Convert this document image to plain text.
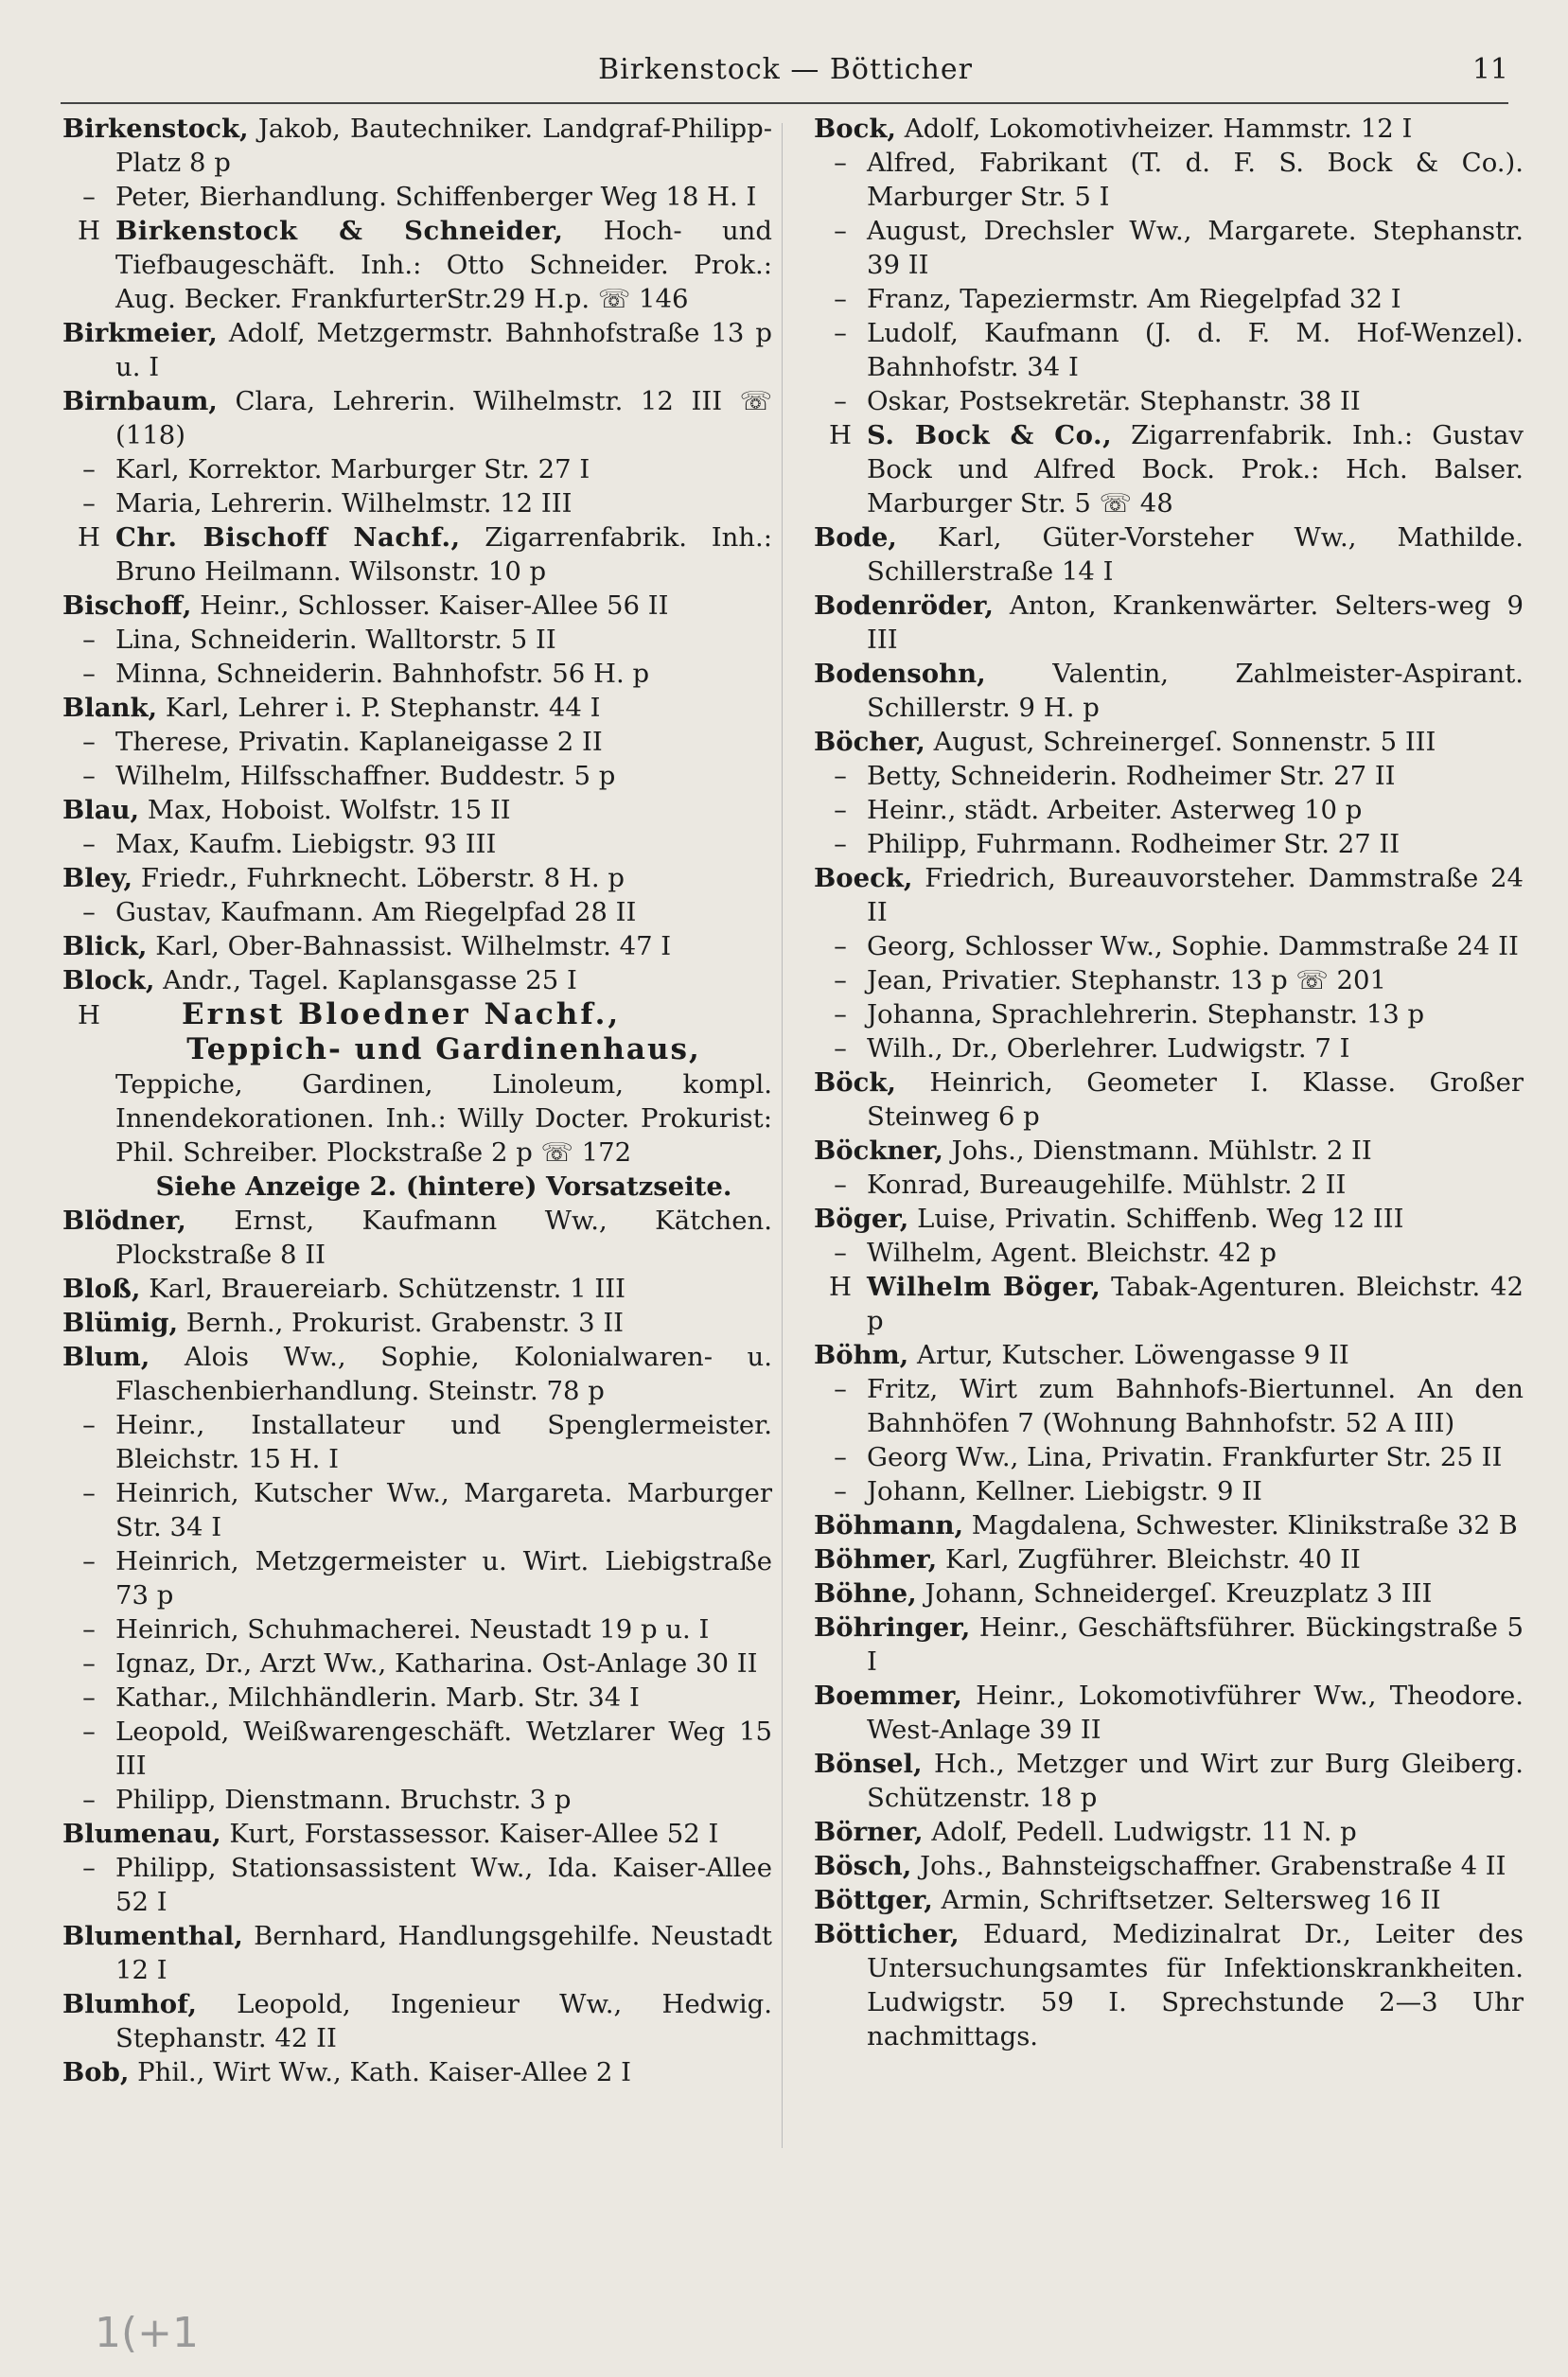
Birkenstock — Bötticher	11

Birkenstock, Jakob, Bautechniker. Landgraf-Philipp-Platz 8 p

– Peter, Bierhandlung. Schiffenberger Weg 18 H. I

H Birkenstock & Schneider, Hoch- und Tiefbaugeschäft. Inh.: Otto Schneider. Prok.: Aug. Becker. FrankfurterStr.29 H.p. ☏ 146

Birkmeier, Adolf, Metzgermstr. Bahnhofstraße 13 p u. I

Birnbaum, Clara, Lehrerin. Wilhelmstr. 12 III ☏ (118)

– Karl, Korrektor. Marburger Str. 27 I

– Maria, Lehrerin. Wilhelmstr. 12 III

H Chr. Bischoff Nachf., Zigarrenfabrik. Inh.: Bruno Heilmann. Wilsonstr. 10 p

Bischoff, Heinr., Schlosser. Kaiser-Allee 56 II

– Lina, Schneiderin. Walltorstr. 5 II

– Minna, Schneiderin. Bahnhofstr. 56 H. p

Blank, Karl, Lehrer i. P. Stephanstr. 44 I

– Therese, Privatin. Kaplaneigasse 2 II

– Wilhelm, Hilfsschaffner. Buddestr. 5 p

Blau, Max, Hoboist. Wolfstr. 15 II

– Max, Kaufm. Liebigstr. 93 III

Bley, Friedr., Fuhrknecht. Löberstr. 8 H. p

– Gustav, Kaufmann. Am Riegelpfad 28 II

Blick, Karl, Ober-Bahnassist. Wilhelmstr. 47 I

Block, Andr., Tagel. Kaplansgasse 25 I

H	Ernst Bloedner Nachf.,

Teppich- und Gardinenhaus,

Teppiche, Gardinen, Linoleum, kompl. Innendekorationen. Inh.: Willy Docter. Prokurist: Phil. Schreiber. Plockstraße 2 p ☏ 172

Siehe Anzeige 2. (hintere) Vorsatzseite.

Blödner, Ernst, Kaufmann Ww., Kätchen. Plockstraße 8 II

Bloß, Karl, Brauereiarb. Schützenstr. 1 III

Blümig, Bernh., Prokurist. Grabenstr. 3 II

Blum, Alois Ww., Sophie, Kolonialwaren- u. Flaschenbierhandlung. Steinstr. 78 p

– Heinr., Installateur und Spenglermeister. Bleichstr. 15 H. I

– Heinrich, Kutscher Ww., Margareta. Marburger Str. 34 I

– Heinrich, Metzgermeister u. Wirt. Liebigstraße 73 p

– Heinrich, Schuhmacherei. Neustadt 19 p u. I

– Ignaz, Dr., Arzt Ww., Katharina. Ost-Anlage 30 II

– Kathar., Milchhändlerin. Marb. Str. 34 I

– Leopold, Weißwarengeschäft. Wetzlarer Weg 15 III

– Philipp, Dienstmann. Bruchstr. 3 p

Blumenau, Kurt, Forstassessor. Kaiser-Allee 52 I

– Philipp, Stationsassistent Ww., Ida. Kaiser-Allee 52 I

Blumenthal, Bernhard, Handlungsgehilfe. Neustadt 12 I

Blumhof, Leopold, Ingenieur Ww., Hedwig. Stephanstr. 42 II

Bob, Phil., Wirt Ww., Kath. Kaiser-Allee 2 I

Bock, Adolf, Lokomotivheizer. Hammstr. 12 I

– Alfred, Fabrikant (T. d. F. S. Bock & Co.). Marburger Str. 5 I

– August, Drechsler Ww., Margarete. Stephanstr. 39 II

– Franz, Tapeziermstr. Am Riegelpfad 32 I

– Ludolf, Kaufmann (J. d. F. M. Hof-Wenzel). Bahnhofstr. 34 I

– Oskar, Postsekretär. Stephanstr. 38 II

H S. Bock & Co., Zigarrenfabrik. Inh.: Gustav Bock und Alfred Bock. Prok.: Hch. Balser. Marburger Str. 5 ☏ 48

Bode, Karl, Güter-Vorsteher Ww., Mathilde. Schillerstraße 14 I

Bodenröder, Anton, Krankenwärter. Selters-weg 9 III

Bodensohn, Valentin, Zahlmeister-Aspirant. Schillerstr. 9 H. p

Böcher, August, Schreinergeſ. Sonnenstr. 5 III

– Betty, Schneiderin. Rodheimer Str. 27 II

– Heinr., städt. Arbeiter. Asterweg 10 p

– Philipp, Fuhrmann. Rodheimer Str. 27 II

Boeck, Friedrich, Bureauvorsteher. Dammstraße 24 II

– Georg, Schlosser Ww., Sophie. Dammstraße 24 II

– Jean, Privatier. Stephanstr. 13 p ☏ 201

– Johanna, Sprachlehrerin. Stephanstr. 13 p

– Wilh., Dr., Oberlehrer. Ludwigstr. 7 I

Böck, Heinrich, Geometer I. Klasse. Großer Steinweg 6 p

Böckner, Johs., Dienstmann. Mühlstr. 2 II

– Konrad, Bureaugehilfe. Mühlstr. 2 II

Böger, Luise, Privatin. Schiffenb. Weg 12 III

– Wilhelm, Agent. Bleichstr. 42 p

H Wilhelm Böger, Tabak-Agenturen. Bleichstr. 42 p

Böhm, Artur, Kutscher. Löwengasse 9 II

– Fritz, Wirt zum Bahnhofs-Biertunnel. An den Bahnhöfen 7 (Wohnung Bahnhofstr. 52 A III)

– Georg Ww., Lina, Privatin. Frankfurter Str. 25 II

– Johann, Kellner. Liebigstr. 9 II

Böhmann, Magdalena, Schwester. Klinikstraße 32 B

Böhmer, Karl, Zugführer. Bleichstr. 40 II

Böhne, Johann, Schneidergeſ. Kreuzplatz 3 III

Böhringer, Heinr., Geschäftsführer. Bückingstraße 5 I

Boemmer, Heinr., Lokomotivführer Ww., Theodore. West-Anlage 39 II

Bönsel, Hch., Metzger und Wirt zur Burg Gleiberg. Schützenstr. 18 p

Börner, Adolf, Pedell. Ludwigstr. 11 N. p

Bösch, Johs., Bahnsteigschaffner. Grabenstraße 4 II

Böttger, Armin, Schriftsetzer. Seltersweg 16 II

Bötticher, Eduard, Medizinalrat Dr., Leiter des Untersuchungsamtes für Infektionskrankheiten. Ludwigstr. 59 I. Sprechstunde 2—3 Uhr nachmittags.

1(+1
